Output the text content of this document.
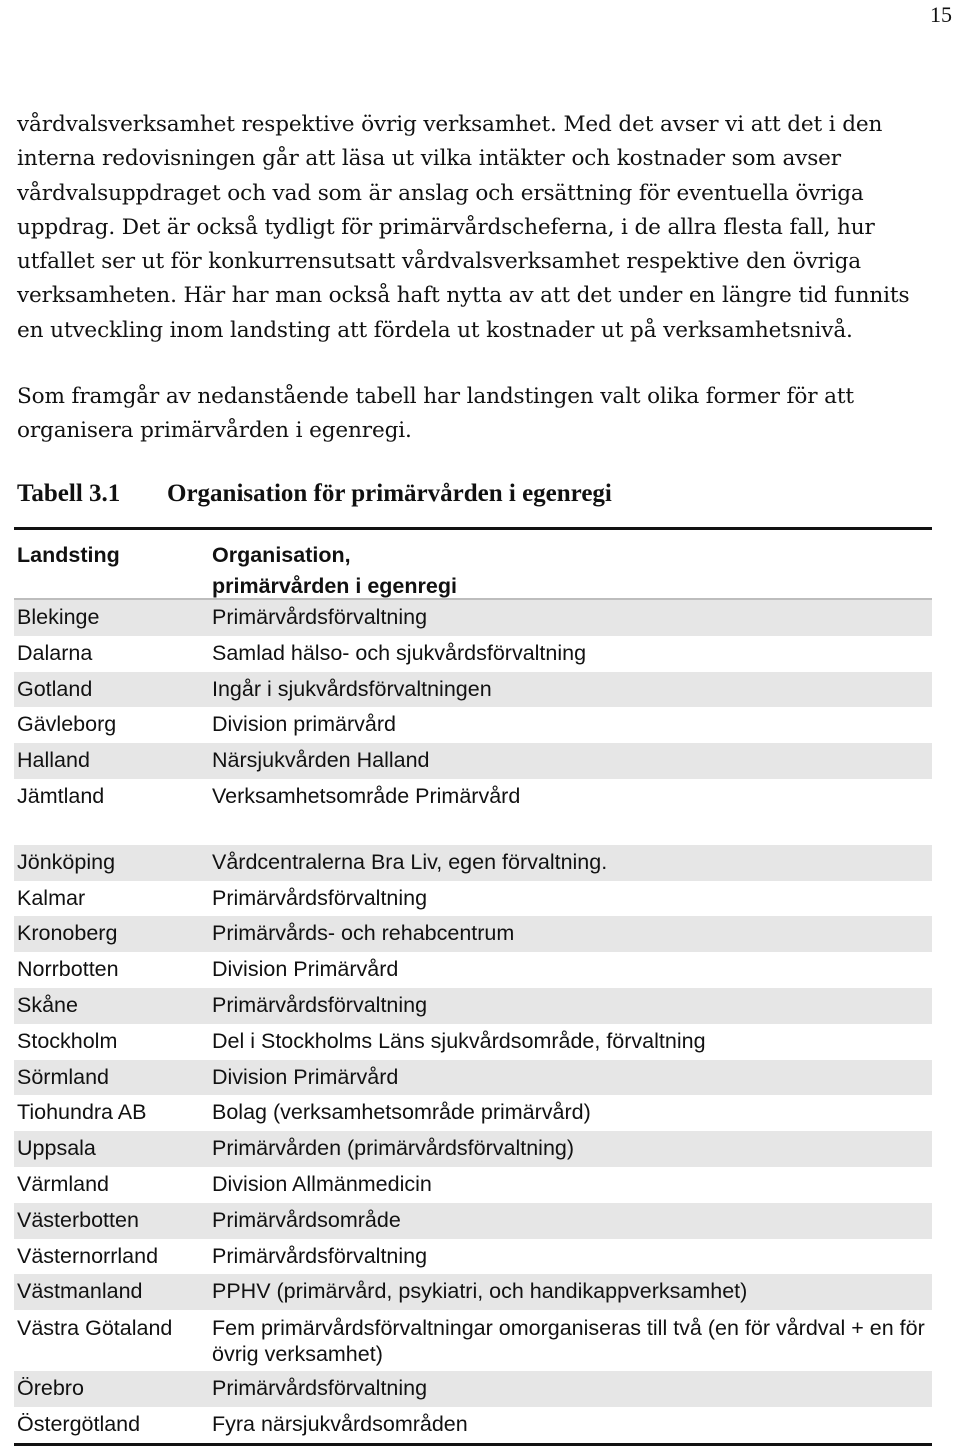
15

vårdvalsverksamhet respektive övrig verksamhet. Med det avser vi att det i den interna redovisningen går att läsa ut vilka intäkter och kostnader som avser vårdvalsuppdraget och vad som är anslag och ersättning för eventuella övriga uppdrag. Det är också tydligt för primärvårdscheferna, i de allra flesta fall, hur utfallet ser ut för konkurrensutsatt vårdvalsverksamhet respektive den övriga verksamheten. Här har man också haft nytta av att det under en längre tid funnits en utveckling inom landsting att fördela ut kostnader ut på verksamhetsnivå.

Som framgår av nedanstående tabell har landstingen valt olika former för att organisera primärvården i egenregi.

Tabell 3.1 Organisation för primärvården i egenregi
Landsting	Organisation,
primärvården i egenregi
Blekinge	Primärvårdsförvaltning
Dalarna	Samlad hälso- och sjukvårdsförvaltning
Gotland	Ingår i sjukvårdsförvaltningen
Gävleborg	Division primärvård
Halland	Närsjukvården Halland
Jämtland	Verksamhetsområde Primärvård
Jönköping	Vårdcentralerna Bra Liv, egen förvaltning.
Kalmar	Primärvårdsförvaltning
Kronoberg	Primärvårds- och rehabcentrum
Norrbotten	Division Primärvård
Skåne	Primärvårdsförvaltning
Stockholm	Del i Stockholms Läns sjukvårdsområde, förvaltning
Sörmland	Division Primärvård
Tiohundra AB	Bolag (verksamhetsområde primärvård)
Uppsala	Primärvården (primärvårdsförvaltning)
Värmland	Division Allmänmedicin
Västerbotten	Primärvårdsområde
Västernorrland	Primärvårdsförvaltning
Västmanland	PPHV (primärvård, psykiatri, och handikappverksamhet)
Västra Götaland	Fem primärvårdsförvaltningar omorganiseras till två (en för vårdval + en för övrig verksamhet)
Örebro	Primärvårdsförvaltning
Östergötland	Fyra närsjukvårdsområden
